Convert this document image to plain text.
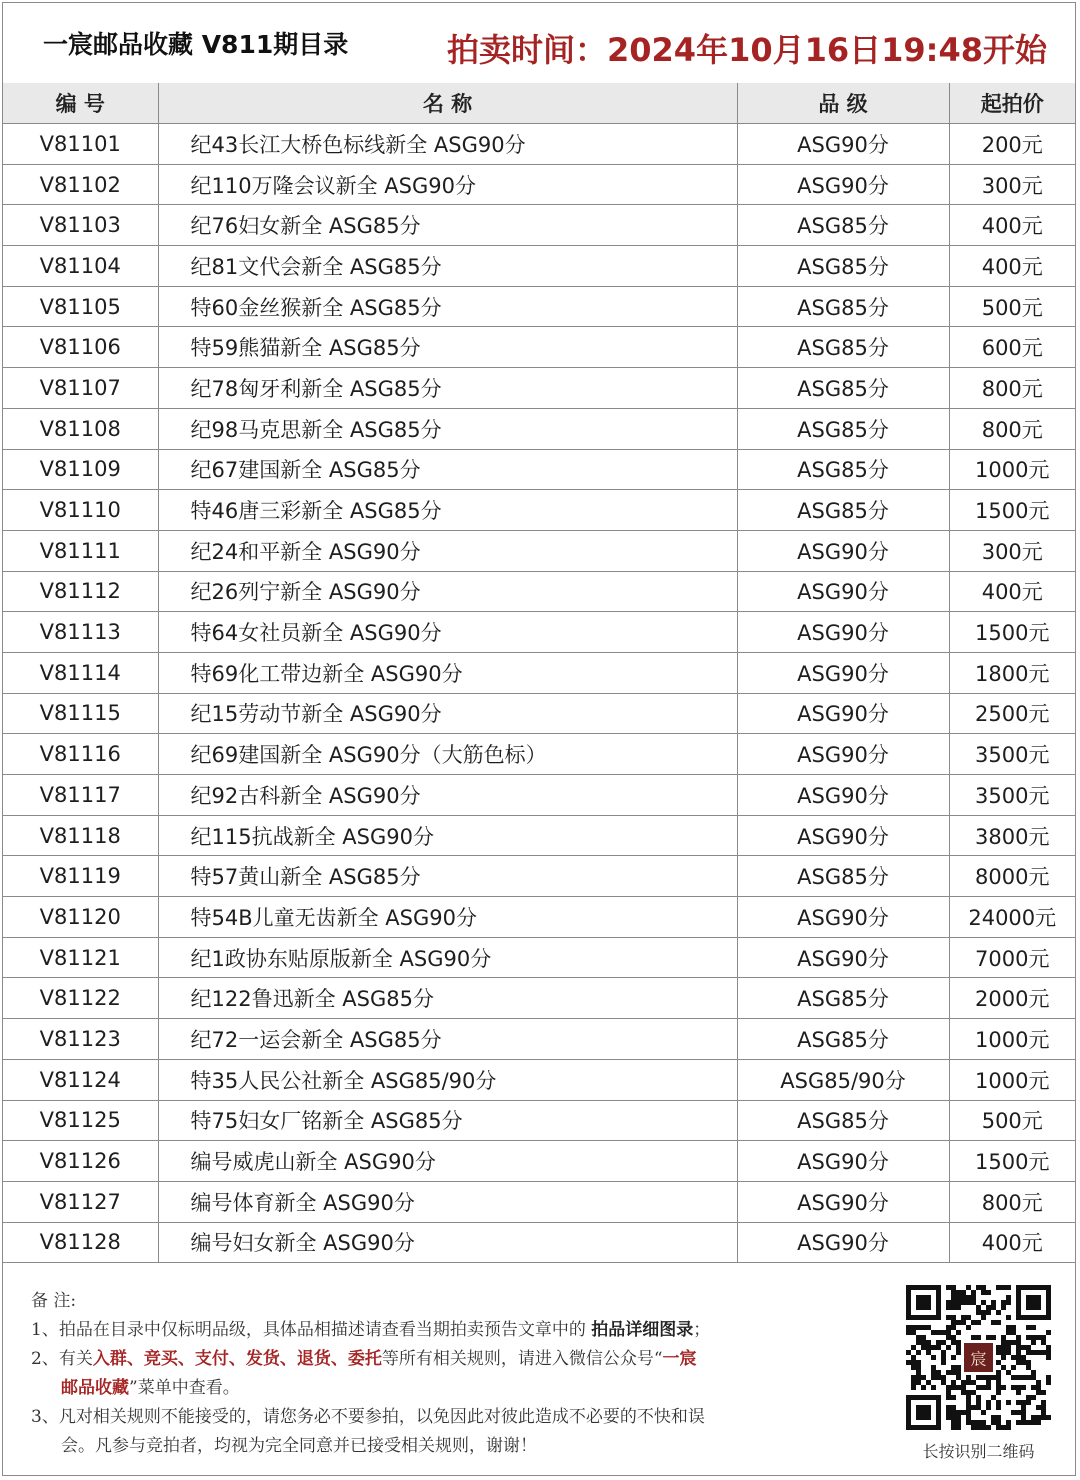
一宸邮品收藏 V811期目录	拍卖时间：2024年10月16日19:48开始
编 号	名 称	品 级	起拍价
V81101	纪43长江大桥色标线新全 ASG90分	ASG90分	200元
V81102	纪110万隆会议新全 ASG90分	ASG90分	300元
V81103	纪76妇女新全 ASG85分	ASG85分	400元
V81104	纪81文代会新全 ASG85分	ASG85分	400元
V81105	特60金丝猴新全 ASG85分	ASG85分	500元
V81106	特59熊猫新全 ASG85分	ASG85分	600元
V81107	纪78匈牙利新全 ASG85分	ASG85分	800元
V81108	纪98马克思新全 ASG85分	ASG85分	800元
V81109	纪67建国新全 ASG85分	ASG85分	1000元
V81110	特46唐三彩新全 ASG85分	ASG85分	1500元
V81111	纪24和平新全 ASG90分	ASG90分	300元
V81112	纪26列宁新全 ASG90分	ASG90分	400元
V81113	特64女社员新全 ASG90分	ASG90分	1500元
V81114	特69化工带边新全 ASG90分	ASG90分	1800元
V81115	纪15劳动节新全 ASG90分	ASG90分	2500元
V81116	纪69建国新全 ASG90分（大筋色标）	ASG90分	3500元
V81117	纪92古科新全 ASG90分	ASG90分	3500元
V81118	纪115抗战新全 ASG90分	ASG90分	3800元
V81119	特57黄山新全 ASG85分	ASG85分	8000元
V81120	特54B儿童无齿新全 ASG90分	ASG90分	24000元
V81121	纪1政协东贴原版新全 ASG90分	ASG90分	7000元
V81122	纪122鲁迅新全 ASG85分	ASG85分	2000元
V81123	纪72一运会新全 ASG85分	ASG85分	1000元
V81124	特35人民公社新全 ASG85/90分	ASG85/90分	1000元
V81125	特75妇女厂铭新全 ASG85分	ASG85分	500元
V81126	编号威虎山新全 ASG90分	ASG90分	1500元
V81127	编号体育新全 ASG90分	ASG90分	800元
V81128	编号妇女新全 ASG90分	ASG90分	400元
备 注:
1、拍品在目录中仅标明品级，具体品相描述请查看当期拍卖预告文章中的 拍品详细图录；
2、有关入群、竞买、支付、发货、退货、委托等所有相关规则，请进入微信公众号“一宸
邮品收藏”菜单中查看。
3、凡对相关规则不能接受的，请您务必不要参拍，以免因此对彼此造成不必要的不快和误
会。凡参与竞拍者，均视为完全同意并已接受相关规则，谢谢！
宸
长按识别二维码
